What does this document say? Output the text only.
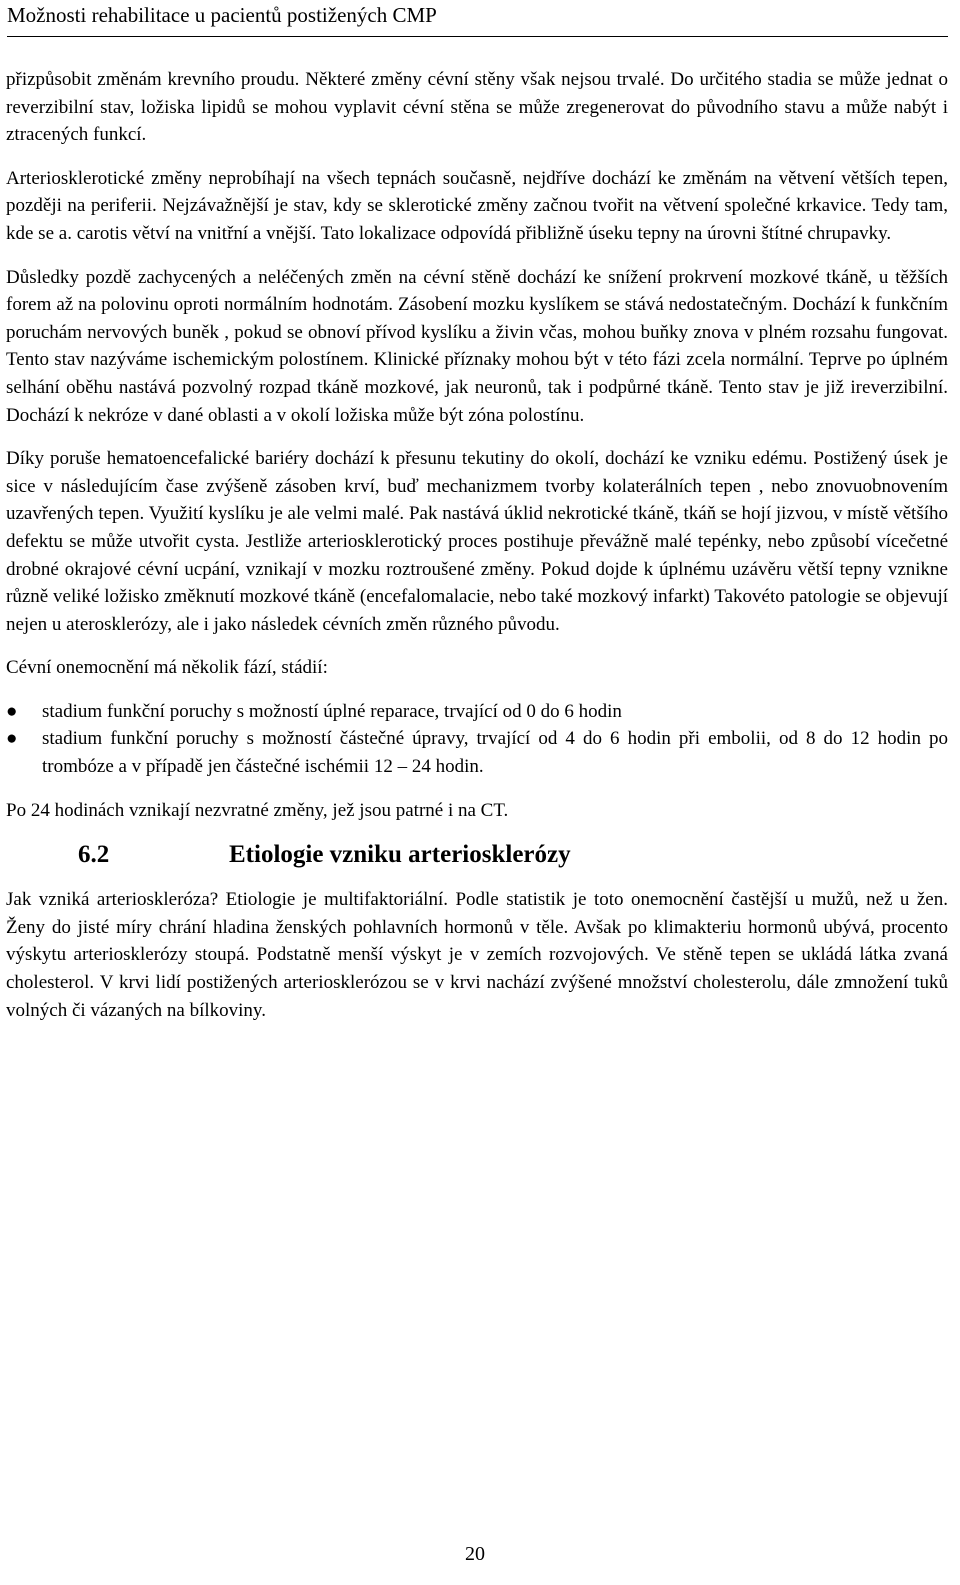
Možnosti rehabilitace u pacientů postižených CMP

přizpůsobit změnám krevního proudu. Některé změny cévní stěny však nejsou trvalé. Do určitého stadia se může jednat o reverzibilní stav, ložiska lipidů se mohou vyplavit cévní stěna se může zregenerovat do původního stavu a může nabýt i ztracených funkcí.

Arteriosklerotické změny neprobíhají na všech tepnách současně, nejdříve dochází ke změnám na větvení větších tepen, později na periferii. Nejzávažnější je stav, kdy se sklerotické změny začnou tvořit na větvení společné krkavice. Tedy tam, kde se a. carotis větví na vnitřní a vnější. Tato lokalizace odpovídá přibližně úseku tepny na úrovni štítné chrupavky.

Důsledky pozdě zachycených a neléčených změn na cévní stěně dochází ke snížení prokrvení mozkové tkáně, u těžších forem až na polovinu oproti normálním hodnotám. Zásobení mozku kyslíkem se stává nedostatečným. Dochází k funkčním poruchám nervových buněk , pokud se obnoví přívod kyslíku a živin včas, mohou buňky znova v plném rozsahu fungovat. Tento stav nazýváme ischemickým polostínem. Klinické příznaky mohou být v této fázi zcela normální. Teprve po úplném selhání oběhu nastává pozvolný rozpad tkáně mozkové, jak neuronů, tak i podpůrné tkáně. Tento stav je již ireverzibilní. Dochází k nekróze v dané oblasti a v okolí ložiska může být zóna polostínu.

Díky poruše hematoencefalické bariéry dochází k přesunu tekutiny do okolí, dochází ke vzniku edému. Postižený úsek je sice v následujícím čase zvýšeně zásoben krví, buď mechanizmem tvorby kolaterálních tepen , nebo znovuobnovením uzavřených tepen. Využití kyslíku je ale velmi malé. Pak nastává úklid nekrotické tkáně, tkáň se hojí jizvou, v místě většího defektu se může utvořit cysta. Jestliže arteriosklerotický proces postihuje převážně malé tepénky, nebo způsobí vícečetné drobné okrajové cévní ucpání, vznikají v mozku roztroušené změny. Pokud dojde k úplnému uzávěru větší tepny vznikne různě veliké ložisko změknutí mozkové tkáně (encefalomalacie, nebo také mozkový infarkt) Takovéto patologie se objevují nejen u aterosklerózy, ale i jako následek cévních změn různého původu.

Cévní onemocnění má několik fází, stádií:

● stadium funkční poruchy s možností úplné reparace, trvající od 0 do 6 hodin
● stadium funkční poruchy s možností částečné úpravy, trvající od 4 do 6 hodin při embolii, od 8 do 12 hodin po trombóze a v případě jen částečné ischémii 12 – 24 hodin.

Po 24 hodinách vznikají nezvratné změny, jež jsou patrné i na CT.

6.2	Etiologie vzniku arteriosklerózy

Jak vzniká arterioskleróza? Etiologie je multifaktoriální. Podle statistik je toto onemocnění častější u mužů, než u žen. Ženy do jisté míry chrání hladina ženských pohlavních hormonů v těle. Avšak po klimakteriu hormonů ubývá, procento výskytu arteriosklerózy stoupá. Podstatně menší výskyt je v zemích rozvojových. Ve stěně tepen se ukládá látka zvaná cholesterol. V krvi lidí postižených arteriosklerózou se v krvi nachází zvýšené množství cholesterolu, dále zmnožení tuků volných či vázaných na bílkoviny.

20
